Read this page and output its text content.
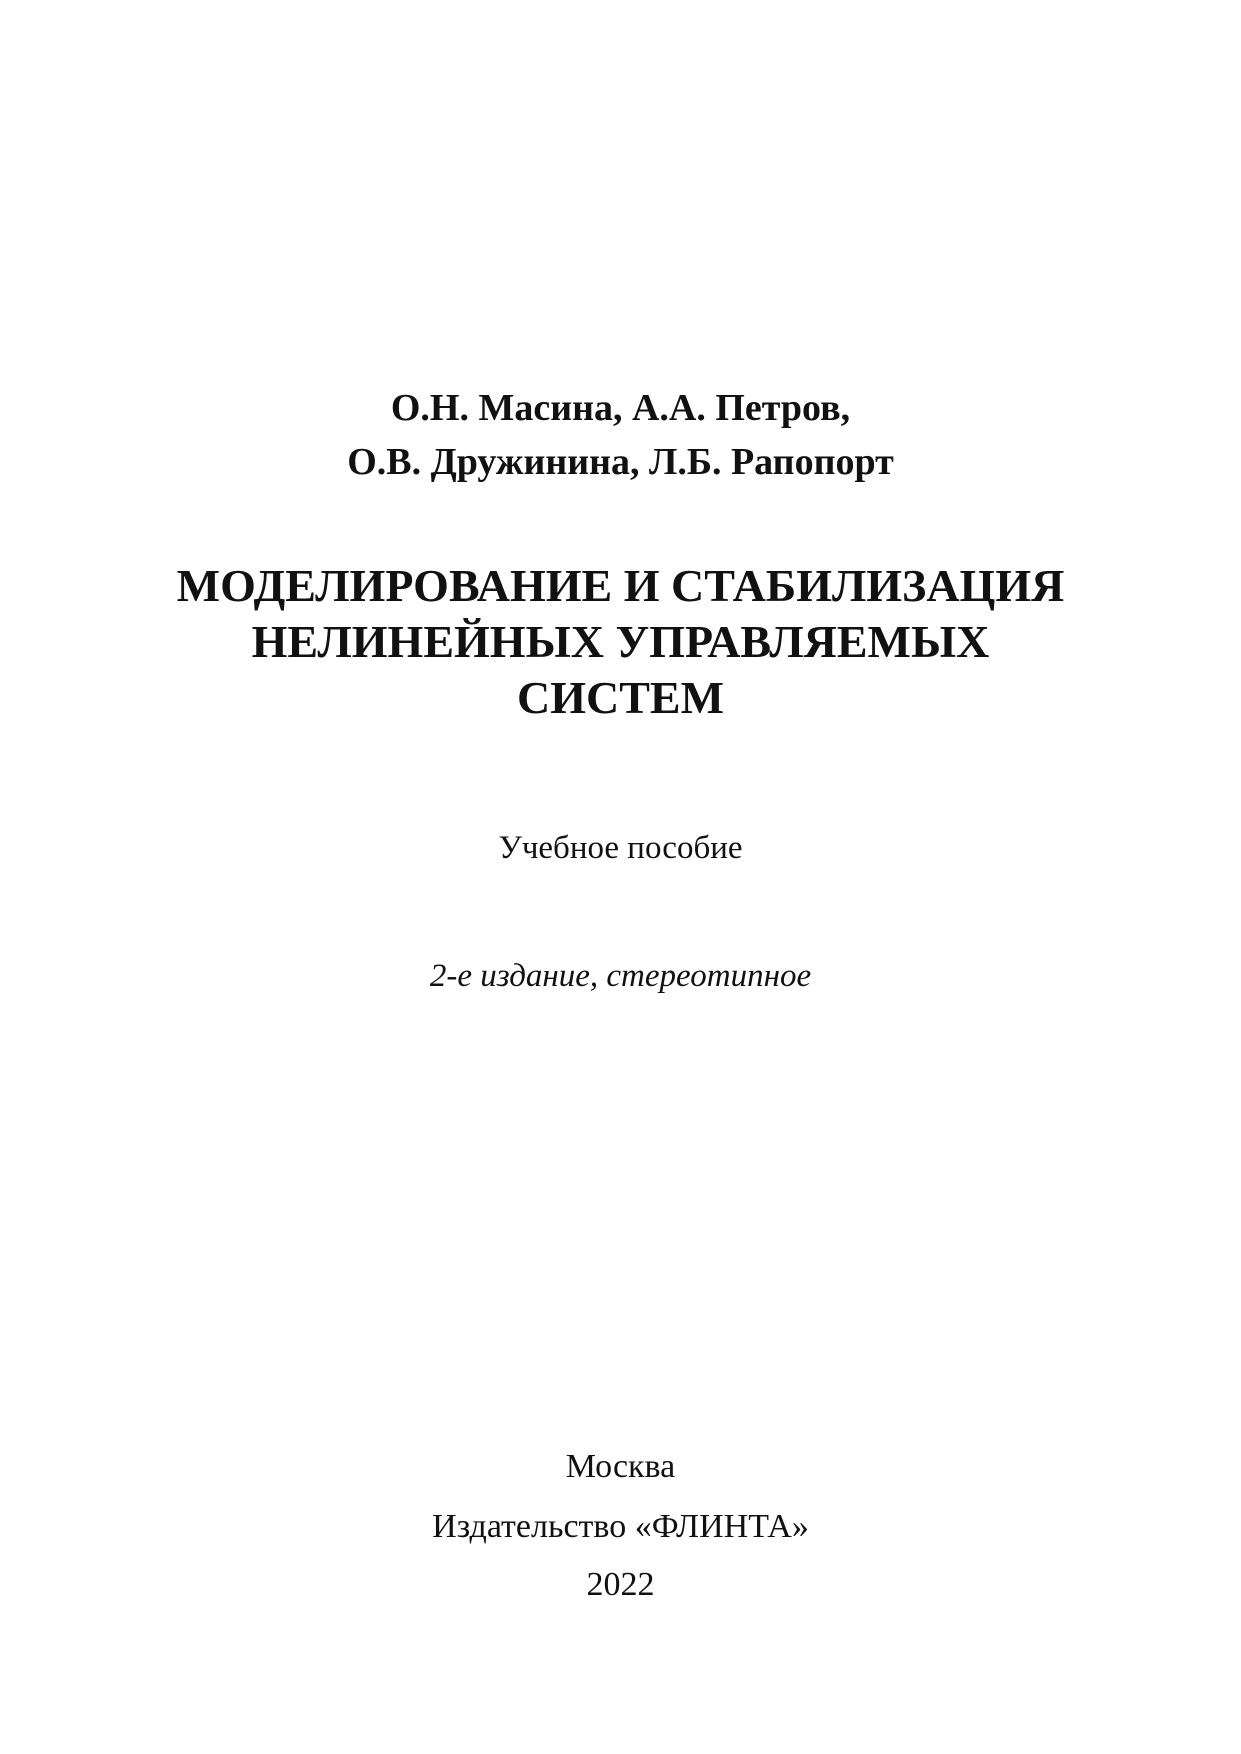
О.Н. Масина, А.А. Петров,
О.В. Дружинина, Л.Б. Рапопорт
МОДЕЛИРОВАНИЕ И СТАБИЛИЗАЦИЯ
НЕЛИНЕЙНЫХ УПРАВЛЯЕМЫХ
СИСТЕМ
Учебное пособие
2-е издание, стереотипное
Москва
Издательство «ФЛИНТА»
2022
